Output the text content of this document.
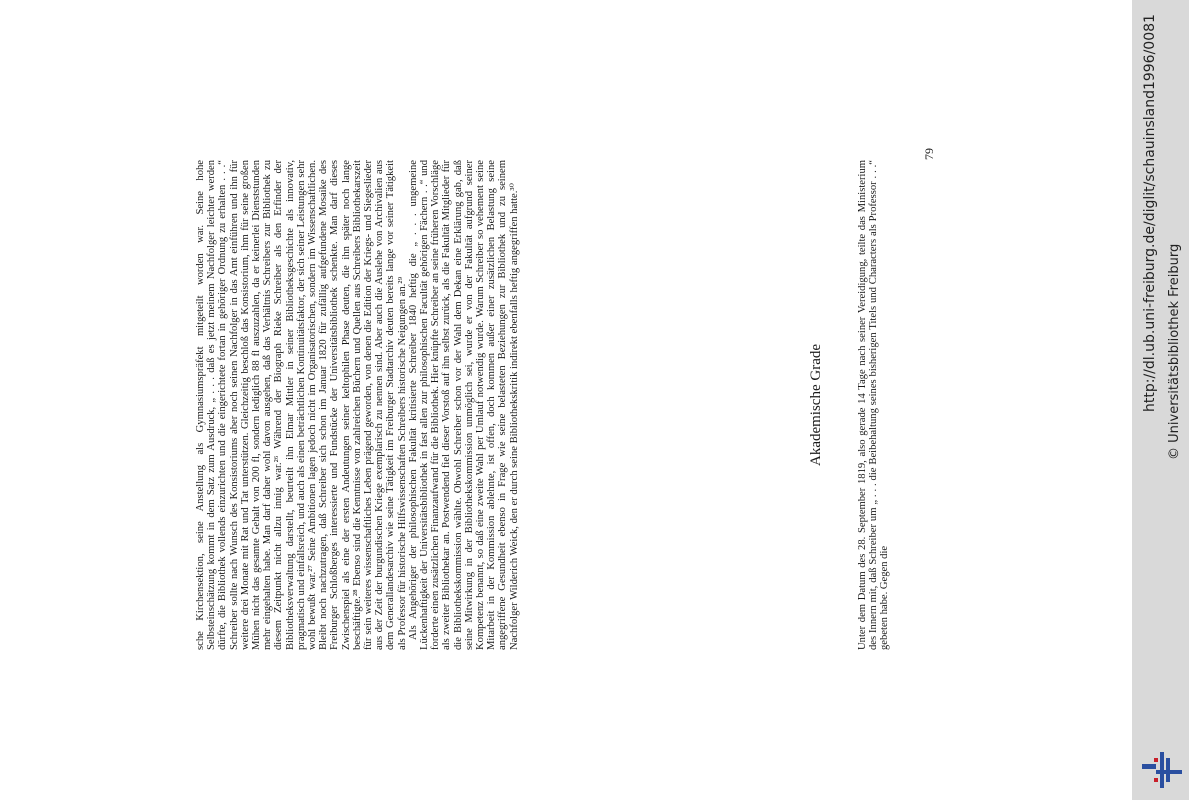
sche Kirchensektion, seine Anstellung als Gymnasiumspräfekt mitgeteilt worden war. Seine hohe Selbsteinschätzung kommt in dem Satz zum Ausdruck, „ . . . daß es jetzt meinem Nachfolger leichter werden dürfte, die Bibliothek vollends einzurichten und die eingerichtete fortan in gehöriger Ordnung zu erhalten . . .“ Schreiber sollte nach Wunsch des Konsistoriums aber noch seinen Nachfolger in das Amt einführen und ihn für weitere drei Monate mit Rat und Tat unterstützen. Gleichzeitig beschloß das Konsistorium, ihm für seine großen Mühen nicht das gesamte Gehalt von 200 fl, sondern lediglich 88 fl auszuzahlen, da er keinerlei Dienststunden mehr eingehalten habe. Man darf daher wohl davon ausgehen, daß das Verhältnis Schreibers zur Bibliothek zu diesem Zeitpunkt nicht allzu innig war.²⁶ Während der Biograph Rieke Schreiber als den Erfinder der Bibliotheksverwaltung darstellt, beurteilt ihn Elmar Mittler in seiner Bibliotheksgeschichte als innovativ, pragmatisch und einfallsreich, und auch als einen beträchtlichen Kontinuitätsfaktor, der sich seiner Leistungen sehr wohl bewußt war.²⁷ Seine Ambitionen lagen jedoch nicht im Organisatorischen, sondern im Wissenschaftlichen. Bleibt noch nachzutragen, daß Schreiber sich schon im Januar 1820 für zufällig aufgefundene Mosaike des Freiburger Schloßberges interessierte und Fundstücke der Universitätsbibliothek schenkte. Man darf dieses Zwischenspiel als eine der ersten Andeutungen seiner keltophilen Phase deuten, die ihn später noch lange beschäftigte.²⁸ Ebenso sind die Kenntnisse von zahlreichen Büchern und Quellen aus Schreibers Bibliothekarszeit für sein weiteres wissenschaftliches Leben prägend geworden, von denen die Edition der Kriegs- und Siegeslieder aus der Zeit der burgundischen Kriege exemplarisch zu nennen sind. Aber auch die Auslehe von Archivalien aus dem Generallandesarchiv wie seine Tätigkeit im Freiburger Stadtarchiv deuten bereits lange vor seiner Tätigkeit als Professor für historische Hilfswissenschaften Schreibers historische Neigungen an.²⁹ Als Angehöriger der philosophischen Fakultät kritisierte Schreiber 1840 heftig die „ . . . ungemeine Lückenhaftigkeit der Universitätsbibliothek in fast allen zur philosophischen Facultät gehörigen Fächern . .“ und forderte einen zusätzlichen Finanzaufwand für die Bibliothek. Hier knüpfte Schreiber an seine früheren Vorschläge als zweiter Bibliothekar an. Postwendend fiel dieser Vorstoß auf ihn selbst zurück, als die Fakultät Mitglieder für die Bibliothekskommission wählte. Obwohl Schreiber schon vor der Wahl dem Dekan eine Erklärung gab, daß seine Mitwirkung in der Bibliothekskommission unmöglich sei, wurde er von der Fakultät aufgrund seiner Kompetenz benannt, so daß eine zweite Wahl per Umlauf notwendig wurde. Warum Schreiber so vehement seine Mitarbeit in der Kommission ablehnte, ist offen, doch kommen außer einer zusätzlichen Belastung seine angegriffene Gesundheit ebenso in Frage wie seine belasteten Beziehungen zur Bibliothek und zu seinem Nachfolger Wilderich Weick, den er durch seine Bibliothekskritik indirekt ebenfalls heftig angegriffen hatte.³⁰	Akademische Grade	Unter dem Datum des 28. September 1819, also gerade 14 Tage nach seiner Vereidigung, teilte das Ministerium des Innern mit, daß Schreiber um „ . . . die Beibehaltung seines bisherigen Titels und Characters als Professor . . .“ gebeten habe. Gegen die

79	http://dl.ub.uni-freiburg.de/diglit/schauinsland1996/0081 © Universitätsbibliothek Freiburg
